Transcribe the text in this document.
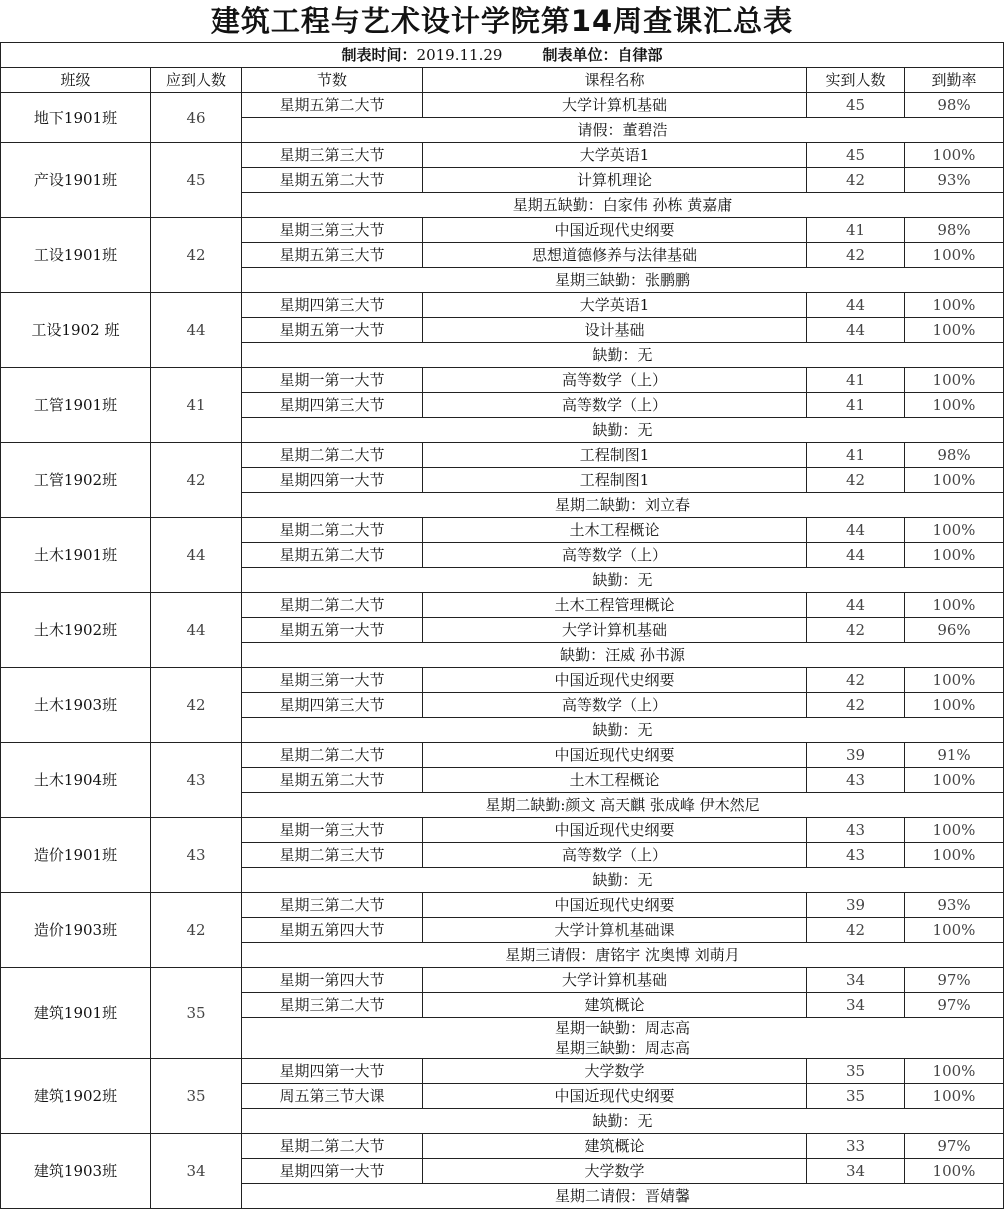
建筑工程与艺术设计学院第14周查课汇总表
制表时间：2019.11.29 制表单位：自律部					
班级	应到人数	节数	课程名称	实到人数	到勤率
地下1901班	46	星期五第二大节	大学计算机基础	45	98%

		请假：董碧浩			

产设1901班	45	星期三第三大节	大学英语1	45	100%
		星期五第二大节	计算机理论	42	93%

		星期五缺勤：白家伟 孙栋 黄嘉庸			

工设1901班	42	星期三第三大节	中国近现代史纲要	41	98%
		星期五第三大节	思想道德修养与法律基础	42	100%

		星期三缺勤：张鹏鹏			

工设1902 班	44	星期四第三大节	大学英语1	44	100%
		星期五第一大节	设计基础	44	100%

		缺勤：无			

工管1901班	41	星期一第一大节	高等数学（上）	41	100%
		星期四第三大节	高等数学（上）	41	100%

		缺勤：无			

工管1902班	42	星期二第二大节	工程制图1	41	98%
		星期四第一大节	工程制图1	42	100%

		星期二缺勤：刘立春			

土木1901班	44	星期二第二大节	土木工程概论	44	100%
		星期五第二大节	高等数学（上）	44	100%

		缺勤：无			

土木1902班	44	星期二第二大节	土木工程管理概论	44	100%
		星期五第一大节	大学计算机基础	42	96%

		缺勤：汪威 孙书源			

土木1903班	42	星期三第一大节	中国近现代史纲要	42	100%
		星期四第三大节	高等数学（上）	42	100%

		缺勤：无			

土木1904班	43	星期二第二大节	中国近现代史纲要	39	91%
		星期五第二大节	土木工程概论	43	100%

		星期二缺勤:颜文 高天麒 张成峰 伊木然尼			

造价1901班	43	星期一第三大节	中国近现代史纲要	43	100%
		星期二第三大节	高等数学（上）	43	100%

		缺勤：无			

造价1903班	42	星期三第二大节	中国近现代史纲要	39	93%
		星期五第四大节	大学计算机基础课	42	100%

		星期三请假：唐铭宇 沈奥博 刘萌月			

建筑1901班	35	星期一第四大节	大学计算机基础	34	97%
		星期三第二大节	建筑概论	34	97%

		星期一缺勤：周志高
星期三缺勤：周志高			

建筑1902班	35	星期四第一大节	大学数学	35	100%
		周五第三节大课	中国近现代史纲要	35	100%

		缺勤：无			

建筑1903班	34	星期二第二大节	建筑概论	33	97%
		星期四第一大节	大学数学	34	100%

		星期二请假：晋婧馨			
